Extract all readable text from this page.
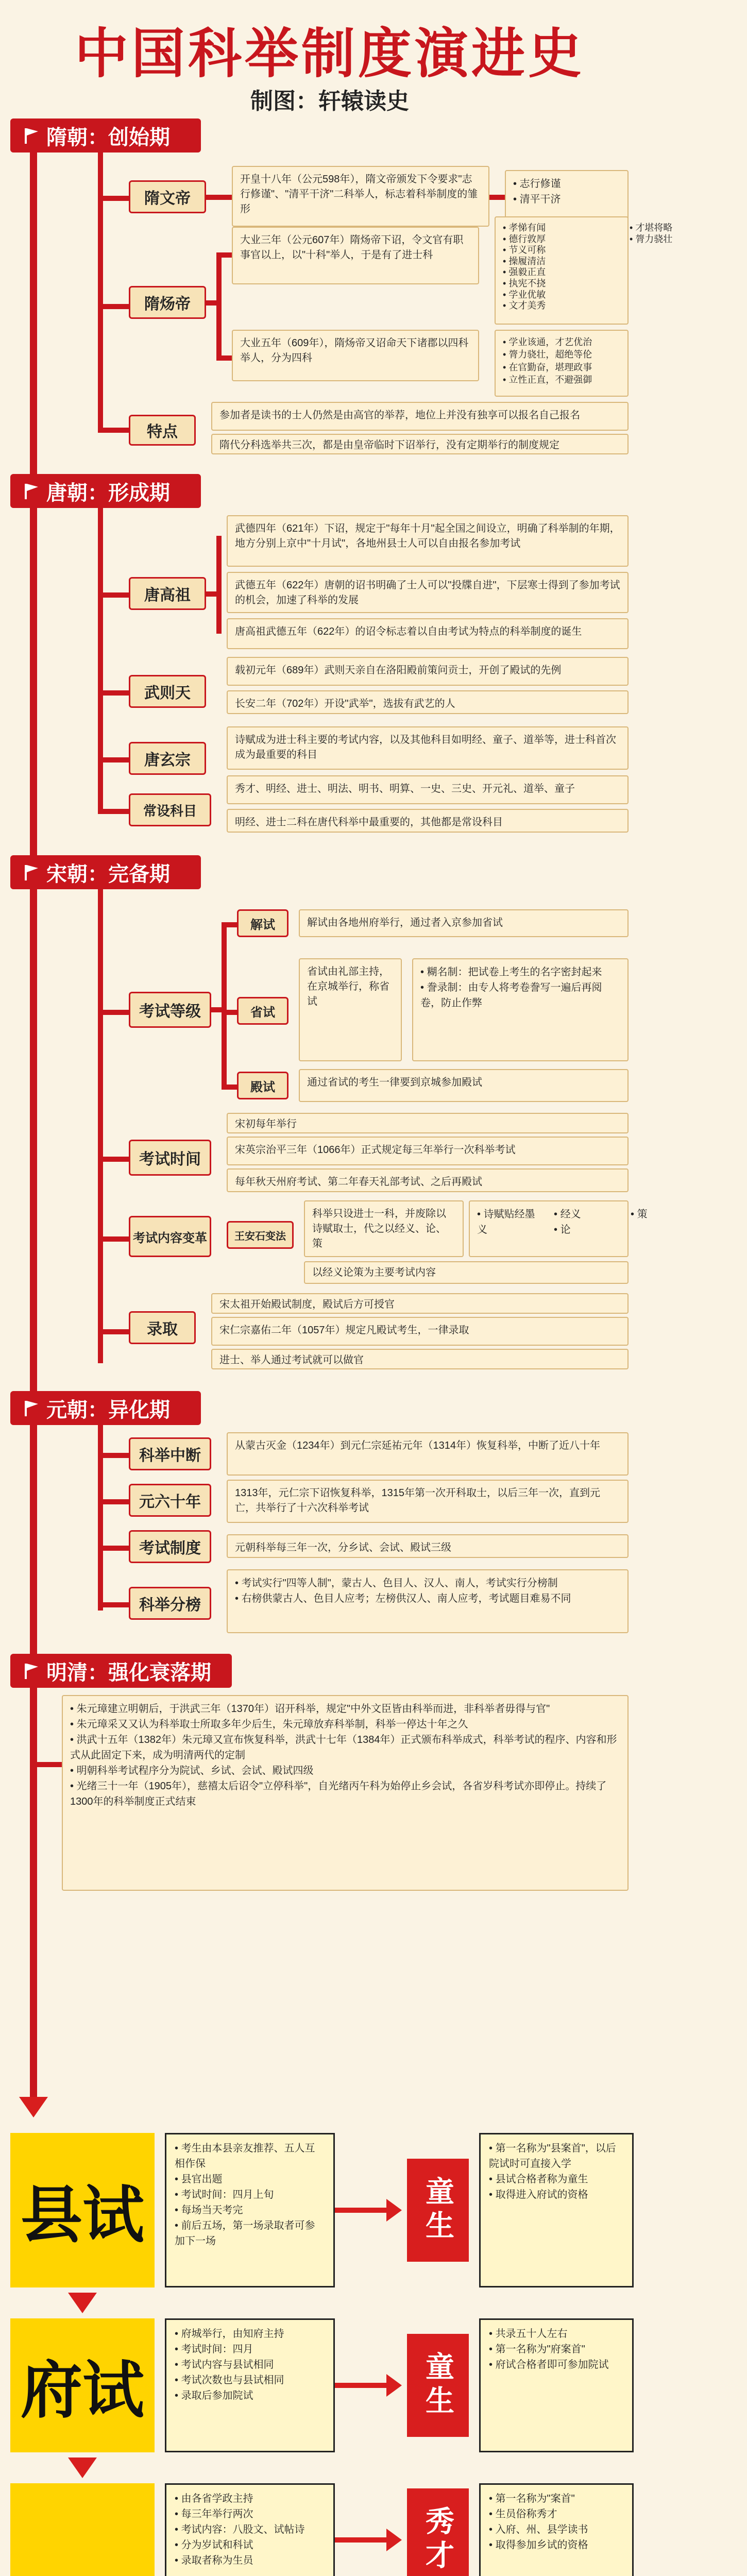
中国科举制度演进史
制图：轩辕读史
隋朝：创始期
隋文帝
开皇十八年（公元598年），隋文帝颁发下令要求"志行修谨"、"清平干济"二科举人，标志着科举制度的雏形
• 志行修谨
• 清平干济
隋炀帝
大业三年（公元607年）隋炀帝下诏，令文官有职事官以上，以"十科"举人，于是有了进士科
大业五年（609年），隋炀帝又诏命天下诸郡以四科举人，分为四科
• 孝悌有闻
• 德行敦厚
• 节义可称
• 操履清洁
• 强毅正直
• 执宪不挠
• 学业优敏
• 文才美秀
• 才堪将略
• 膂力骁壮
• 学业该通，才艺优治
• 膂力骁壮，超绝等伦
• 在官勤奋，堪理政事
• 立性正直，不避强御
特点
参加者是读书的士人仍然是由高官的举荐，地位上并没有独享可以报名自己报名
隋代分科选举共三次，都是由皇帝临时下诏举行，没有定期举行的制度规定
唐朝：形成期
唐高祖
武德四年（621年）下诏，规定于"每年十月"起全国之间设立，明确了科举制的年期，地方分别上京中"十月试"，各地州县士人可以自由报名参加考试
武德五年（622年）唐朝的诏书明确了士人可以"投牒自进"，下层寒士得到了参加考试的机会，加速了科举的发展
唐高祖武德五年（622年）的诏令标志着以自由考试为特点的科举制度的诞生
武则天
载初元年（689年）武则天亲自在洛阳殿前策问贡士，开创了殿试的先例
长安二年（702年）开设"武举"，选拔有武艺的人
唐玄宗
诗赋成为进士科主要的考试内容，以及其他科目如明经、童子、道举等，进士科首次成为最重要的科目
常设科目
秀才、明经、进士、明法、明书、明算、一史、三史、开元礼、道举、童子
明经、进士二科在唐代科举中最重要的，其他都是常设科目
宋朝：完备期
考试等级
解试	解试由各地州府举行，通过者入京参加省试
省试
省试由礼部主持，在京城举行，称省试
• 糊名制：把试卷上考生的名字密封起来
• 誊录制：由专人将考卷誊写一遍后再阅卷，防止作弊
殿试	通过省试的考生一律要到京城参加殿试
考试时间
宋初每年举行
宋英宗治平三年（1066年）正式规定每三年举行一次科举考试
每年秋天州府考试、第二年春天礼部考试、之后再殿试
考试内容变革	王安石变法
科举只设进士一科，并废除以诗赋取士，代之以经义、论、策
• 诗赋贴经墨义
• 经义
• 论
• 策
以经义论策为主要考试内容
录取
宋太祖开始殿试制度，殿试后方可授官
宋仁宗嘉佑二年（1057年）规定凡殿试考生，一律录取
进士、举人通过考试就可以做官
元朝：异化期
科举中断
从蒙古灭金（1234年）到元仁宗延祐元年（1314年）恢复科举，中断了近八十年
元六十年
1313年，元仁宗下诏恢复科举，1315年第一次开科取士，以后三年一次，直到元亡，共举行了十六次科举考试
考试制度	元朝科举每三年一次，分乡试、会试、殿试三级
科举分榜
• 考试实行"四等人制"，蒙古人、色目人、汉人、南人，考试实行分榜制
• 右榜供蒙古人、色目人应考；左榜供汉人、南人应考，考试题目难易不同
明清：强化衰落期
• 朱元璋建立明朝后，于洪武三年（1370年）诏开科举，规定"中外文臣皆由科举而进，非科举者毋得与官"
• 朱元璋采又又认为科举取士所取多年少后生，朱元璋放弃科举制，科举一停达十年之久
• 洪武十五年（1382年）朱元璋又宣布恢复科举，洪武十七年（1384年）正式颁布科举成式，科举考试的程序、内容和形式从此固定下来，成为明清两代的定制
• 明朝科举考试程序分为院试、乡试、会试、殿试四级
• 光绪三十一年（1905年），慈禧太后诏令"立停科举"，自光绪丙午科为始停止乡会试，各省岁科考试亦即停止。持续了1300年的科举制度正式结束
县试
• 考生由本县亲友推荐、五人互相作保
• 县官出题
• 考试时间：四月上旬
• 每场当天考完
• 前后五场，第一场录取者可参加下一场	童生
• 第一名称为"县案首"，以后院试时可直接入学
• 县试合格者称为童生
• 取得进入府试的资格
府试
• 府城举行，由知府主持
• 考试时间：四月
• 考试内容与县试相同
• 考试次数也与县试相同
• 录取后参加院试	童生
• 共录五十人左右
• 第一名称为"府案首"
• 府试合格者即可参加院试
• 由各省学政主持
• 每三年举行两次
• 考试内容：八股文、试帖诗
• 分为岁试和科试
• 录取者称为生员	秀才
• 第一名称为"案首"
• 生员俗称秀才
• 入府、州、县学读书
• 取得参加乡试的资格
